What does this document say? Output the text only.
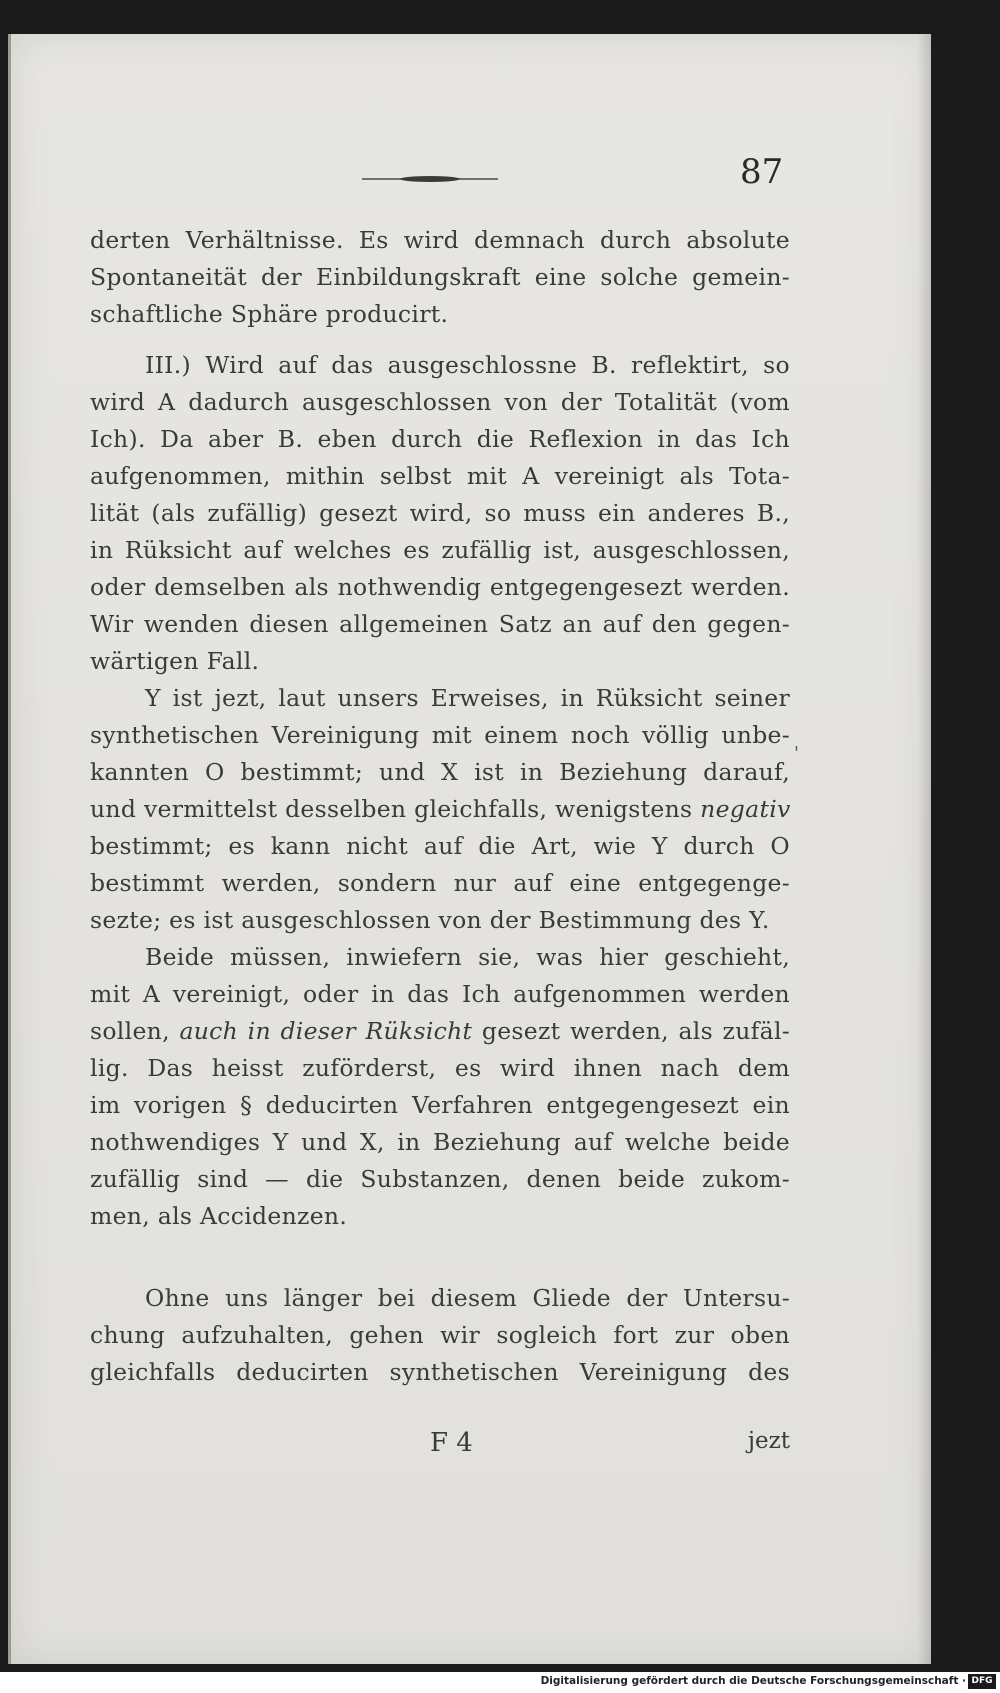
87
derten Verhältnisse. Es wird demnach durch absolute
Spontaneität der Einbildungskraft eine solche gemein-
schaftliche Sphäre producirt.
III.) Wird auf das ausgeschlossne B. reflektirt, so
wird A dadurch ausgeschlossen von der Totalität (vom
Ich). Da aber B. eben durch die Reflexion in das Ich
aufgenommen, mithin selbst mit A vereinigt als Tota-
lität (als zufällig) gesezt wird, so muss ein anderes B.,
in Rüksicht auf welches es zufällig ist, ausgeschlossen,
oder demselben als nothwendig entgegengesezt werden.
Wir wenden diesen allgemeinen Satz an auf den gegen-
wärtigen Fall.
Y ist jezt, laut unsers Erweises, in Rüksicht seiner
synthetischen Vereinigung mit einem noch völlig unbe-
kannten O bestimmt; und X ist in Beziehung darauf,
und vermittelst desselben gleichfalls, wenigstens negativ
bestimmt; es kann nicht auf die Art, wie Y durch O
bestimmt werden, sondern nur auf eine entgegenge-
sezte; es ist ausgeschlossen von der Bestimmung des Y.
Beide müssen, inwiefern sie, was hier geschieht,
mit A vereinigt, oder in das Ich aufgenommen werden
sollen, auch in dieser Rüksicht gesezt werden, als zufäl-
lig. Das heisst zuförderst, es wird ihnen nach dem
im vorigen § deducirten Verfahren entgegengesezt ein
nothwendiges Y und X, in Beziehung auf welche beide
zufällig sind — die Substanzen, denen beide zukom-
men, als Accidenzen.
Ohne uns länger bei diesem Gliede der Untersu-
chung aufzuhalten, gehen wir sogleich fort zur oben
gleichfalls deducirten synthetischen Vereinigung des
'
F 4	jezt
Digitalisierung gefördert durch die Deutsche Forschungsgemeinschaft · DFG
